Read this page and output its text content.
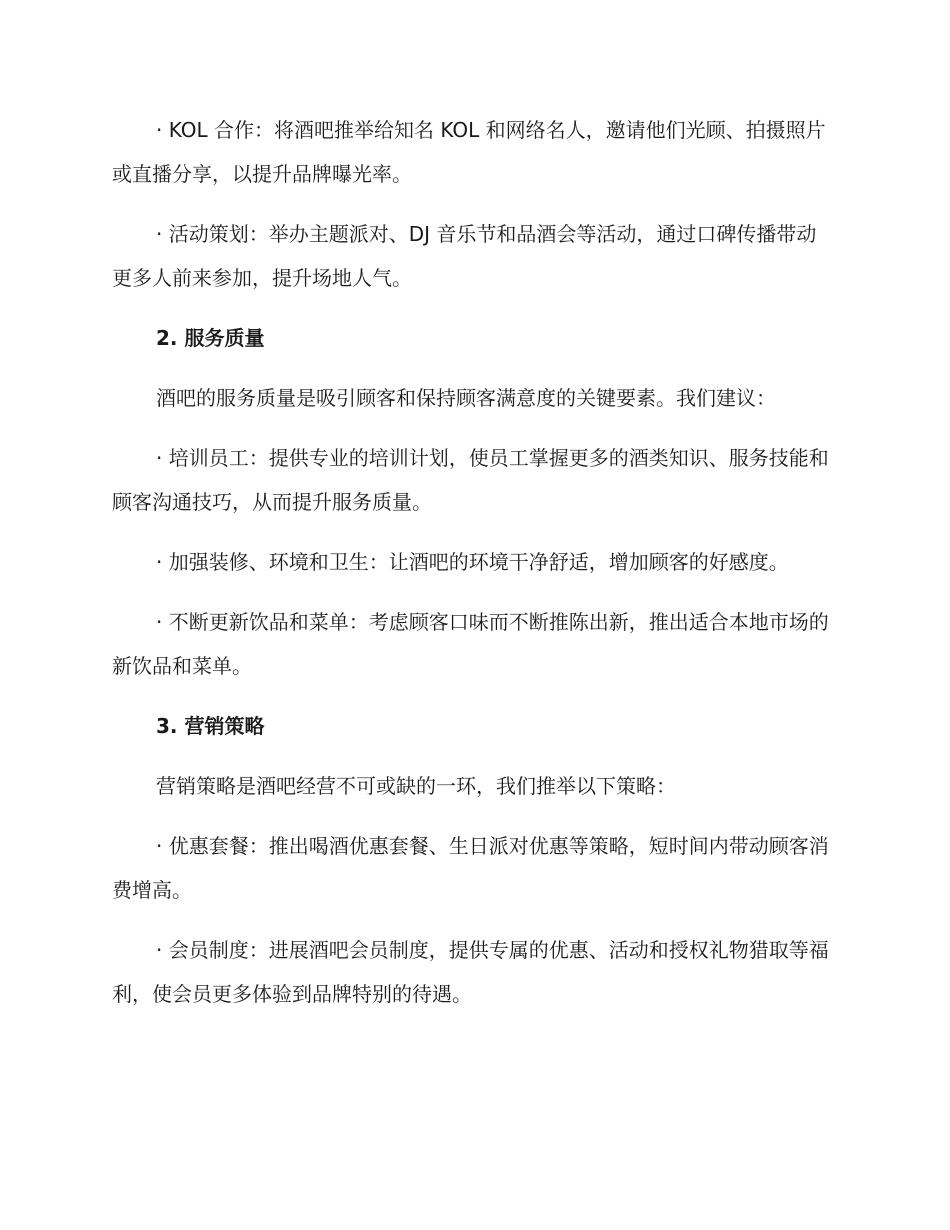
· KOL 合作：将酒吧推举给知名 KOL 和网络名人，邀请他们光顾、拍摄照片或直播分享，以提升品牌曝光率。

· 活动策划：举办主题派对、DJ 音乐节和品酒会等活动，通过口碑传播带动更多人前来参加，提升场地人气。

2. 服务质量

酒吧的服务质量是吸引顾客和保持顾客满意度的关键要素。我们建议：

· 培训员工：提供专业的培训计划，使员工掌握更多的酒类知识、服务技能和顾客沟通技巧，从而提升服务质量。

· 加强装修、环境和卫生：让酒吧的环境干净舒适，增加顾客的好感度。

· 不断更新饮品和菜单：考虑顾客口味而不断推陈出新，推出适合本地市场的新饮品和菜单。

3. 营销策略

营销策略是酒吧经营不可或缺的一环，我们推举以下策略：

· 优惠套餐：推出喝酒优惠套餐、生日派对优惠等策略，短时间内带动顾客消费增高。

· 会员制度：进展酒吧会员制度，提供专属的优惠、活动和授权礼物猎取等福利，使会员更多体验到品牌特别的待遇。
